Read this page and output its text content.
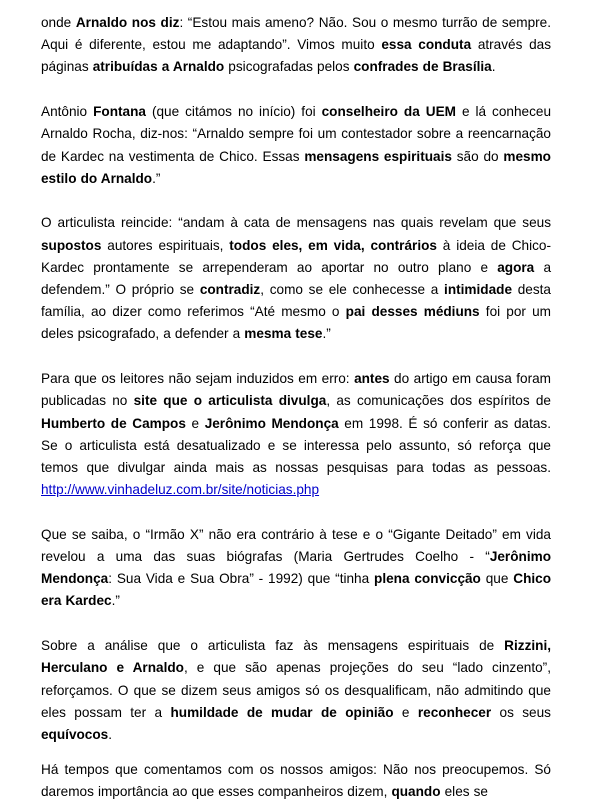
onde Arnaldo nos diz: “Estou mais ameno? Não. Sou o mesmo turrão de sempre. Aqui é diferente, estou me adaptando”. Vimos muito essa conduta através das páginas atribuídas a Arnaldo psicografadas pelos confrades de Brasília.

Antônio Fontana (que citámos no início) foi conselheiro da UEM e lá conheceu Arnaldo Rocha, diz-nos: “Arnaldo sempre foi um contestador sobre a reencarnação de Kardec na vestimenta de Chico. Essas mensagens espirituais são do mesmo estilo do Arnaldo.”

O articulista reincide: “andam à cata de mensagens nas quais revelam que seus supostos autores espirituais, todos eles, em vida, contrários à ideia de Chico-Kardec prontamente se arrependeram ao aportar no outro plano e agora a defendem.” O próprio se contradiz, como se ele conhecesse a intimidade desta família, ao dizer como referimos “Até mesmo o pai desses médiuns foi por um deles psicografado, a defender a mesma tese.”

Para que os leitores não sejam induzidos em erro: antes do artigo em causa foram publicadas no site que o articulista divulga, as comunicações dos espíritos de Humberto de Campos e Jerônimo Mendonça em 1998. É só conferir as datas. Se o articulista está desatualizado e se interessa pelo assunto, só reforça que temos que divulgar ainda mais as nossas pesquisas para todas as pessoas. http://www.vinhadeluz.com.br/site/noticias.php

Que se saiba, o “Irmão X” não era contrário à tese e o “Gigante Deitado” em vida revelou a uma das suas biógrafas (Maria Gertrudes Coelho - “Jerônimo Mendonça: Sua Vida e Sua Obra” - 1992) que “tinha plena convicção que Chico era Kardec.”

Sobre a análise que o articulista faz às mensagens espirituais de Rizzini, Herculano e Arnaldo, e que são apenas projeções do seu “lado cinzento”, reforçamos. O que se dizem seus amigos só os desqualificam, não admitindo que eles possam ter a humildade de mudar de opinião e reconhecer os seus equívocos.

Há tempos que comentamos com os nossos amigos: Não nos preocupemos. Só daremos importância ao que esses companheiros dizem, quando eles se
